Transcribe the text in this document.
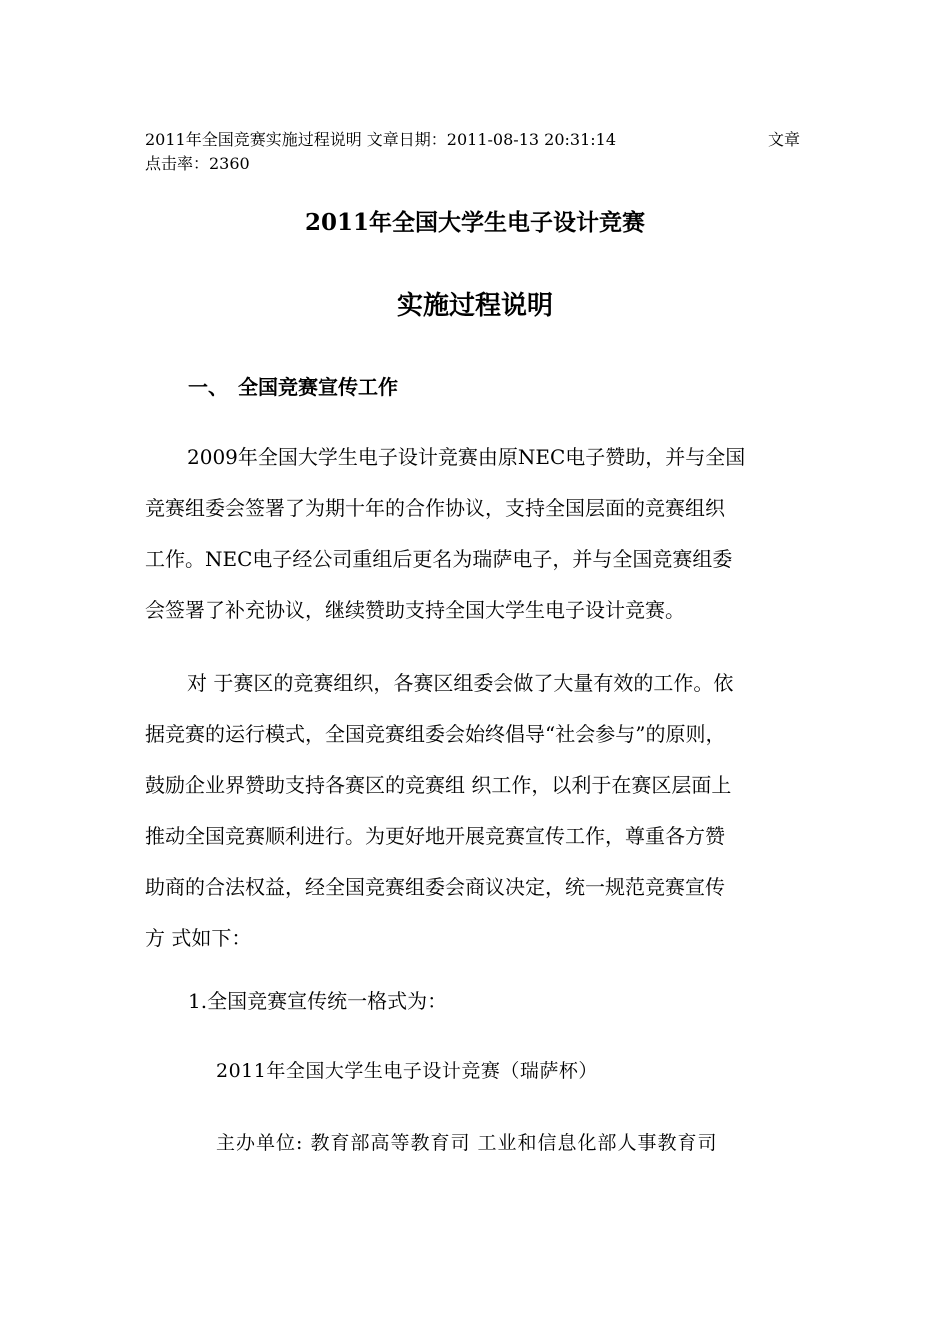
2011年全国竞赛实施过程说明 文章日期：2011-08-13 20:31:14	文章
点击率：2360
2011年全国大学生电子设计竞赛
实施过程说明
一、 全国竞赛宣传工作
2009年全国大学生电子设计竞赛由原NEC电子赞助，并与全国
竞赛组委会签署了为期十年的合作协议，支持全国层面的竞赛组织
工作。NEC电子经公司重组后更名为瑞萨电子，并与全国竞赛组委
会签署了补充协议，继续赞助支持全国大学生电子设计竞赛。
对 于赛区的竞赛组织，各赛区组委会做了大量有效的工作。依
据竞赛的运行模式，全国竞赛组委会始终倡导“社会参与”的原则，
鼓励企业界赞助支持各赛区的竞赛组 织工作，以利于在赛区层面上
推动全国竞赛顺利进行。为更好地开展竞赛宣传工作，尊重各方赞
助商的合法权益，经全国竞赛组委会商议决定，统一规范竞赛宣传
方 式如下：
1.全国竞赛宣传统一格式为：
2011年全国大学生电子设计竞赛（瑞萨杯）
主办单位: 教育部高等教育司 工业和信息化部人事教育司
